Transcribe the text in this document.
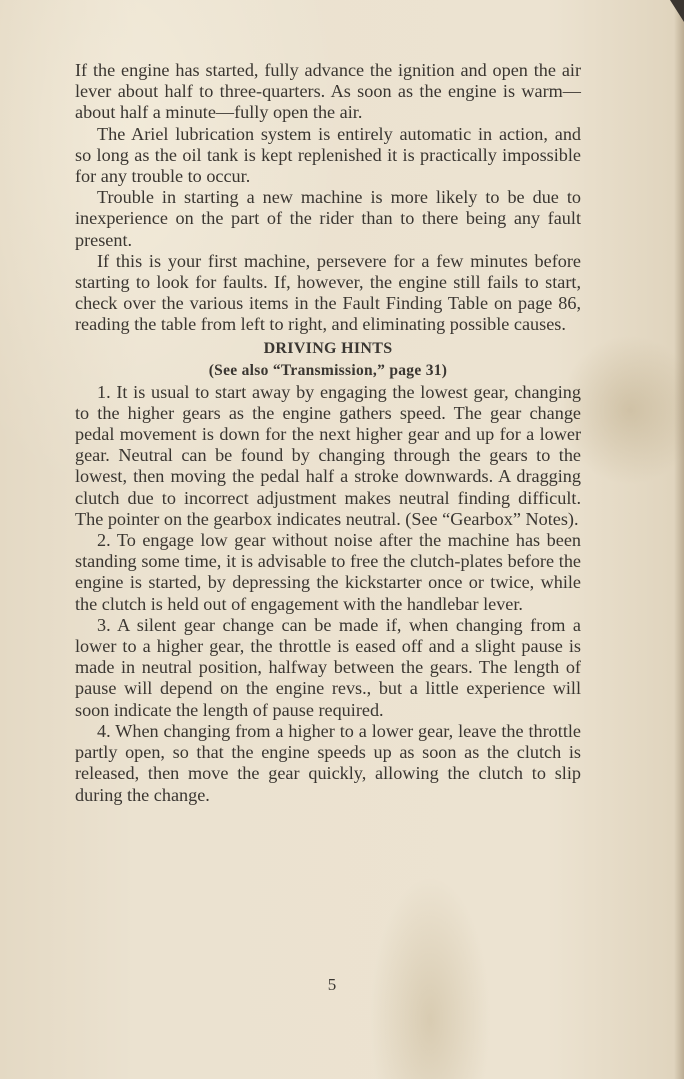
If the engine has started, fully advance the ignition and open the air lever about half to three-quarters. As soon as the engine is warm—about half a minute—fully open the air.

The Ariel lubrication system is entirely automatic in action, and so long as the oil tank is kept replenished it is practically impossible for any trouble to occur.

Trouble in starting a new machine is more likely to be due to inexperience on the part of the rider than to there being any fault present.

If this is your first machine, persevere for a few minutes before starting to look for faults. If, however, the engine still fails to start, check over the various items in the Fault Finding Table on page 86, reading the table from left to right, and eliminating possible causes.

DRIVING HINTS
(See also “Transmission,” page 31)

1. It is usual to start away by engaging the lowest gear, changing to the higher gears as the engine gathers speed. The gear change pedal movement is down for the next higher gear and up for a lower gear. Neutral can be found by changing through the gears to the lowest, then moving the pedal half a stroke downwards. A dragging clutch due to incorrect adjustment makes neutral finding difficult. The pointer on the gearbox indicates neutral. (See “Gearbox” Notes).

2. To engage low gear without noise after the machine has been standing some time, it is advisable to free the clutch-plates before the engine is started, by depressing the kickstarter once or twice, while the clutch is held out of engagement with the handlebar lever.

3. A silent gear change can be made if, when changing from a lower to a higher gear, the throttle is eased off and a slight pause is made in neutral position, halfway between the gears. The length of pause will depend on the engine revs., but a little experience will soon indicate the length of pause required.

4. When changing from a higher to a lower gear, leave the throttle partly open, so that the engine speeds up as soon as the clutch is released, then move the gear quickly, allowing the clutch to slip during the change.

5
